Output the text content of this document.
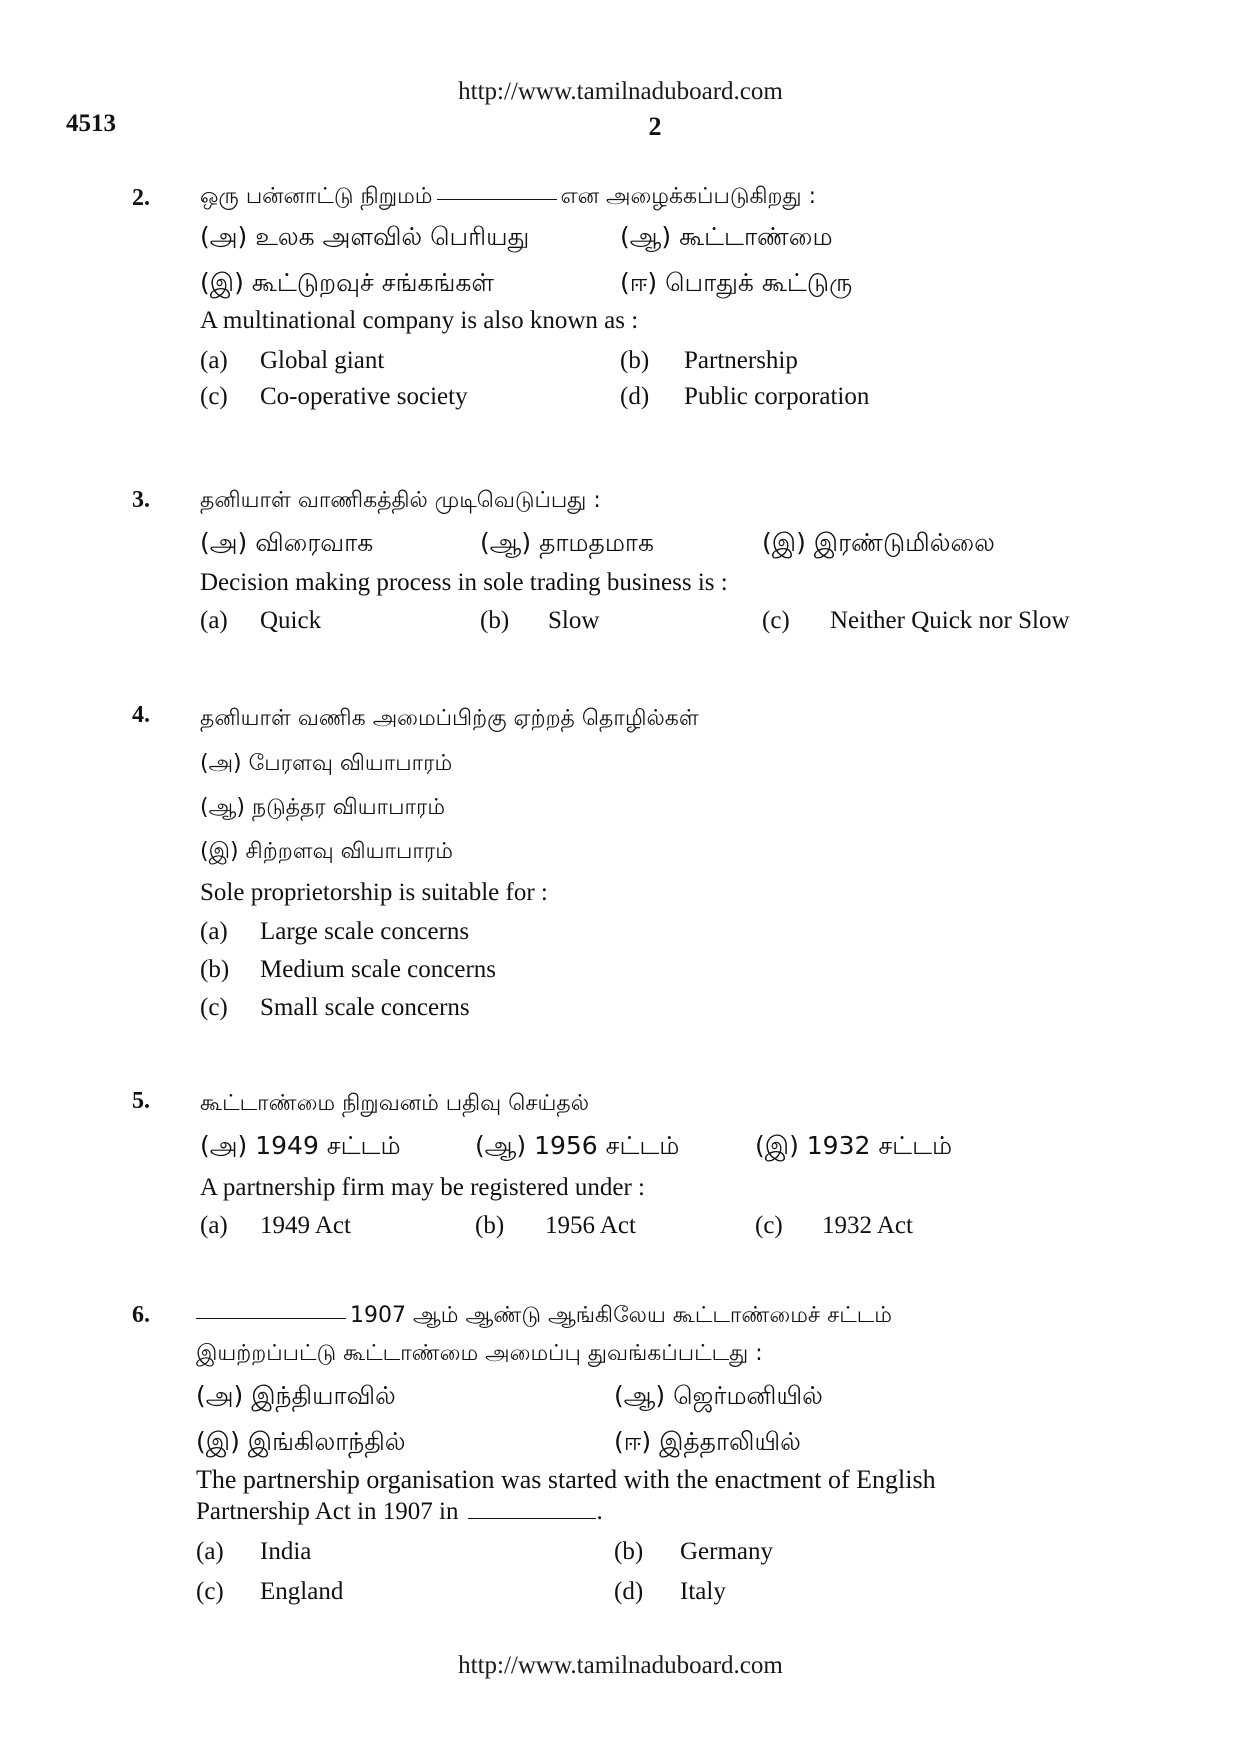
http://www.tamilnaduboard.com
4513	2
2. ஒரு பன்னாட்டு நிறுமம்	என அழைக்கப்படுகிறது :
(அ) உலக அளவில் பெரியது	(ஆ) கூட்டாண்மை
(இ) கூட்டுறவுச் சங்கங்கள்	(ஈ) பொதுக் கூட்டுரு
A multinational company is also known as :
(a) Global giant	(b) Partnership
(c) Co-operative society	(d) Public corporation
3. தனியாள் வாணிகத்தில் முடிவெடுப்பது :
(அ) விரைவாக	(ஆ) தாமதமாக	(இ) இரண்டுமில்லை
Decision making process in sole trading business is :
(a) Quick	(b) Slow	(c) Neither Quick nor Slow
4. தனியாள் வணிக அமைப்பிற்கு ஏற்றத் தொழில்கள்
(அ) பேரளவு வியாபாரம்
(ஆ) நடுத்தர வியாபாரம்
(இ) சிற்றளவு வியாபாரம்
Sole proprietorship is suitable for :
(a) Large scale concerns
(b) Medium scale concerns
(c) Small scale concerns
5. கூட்டாண்மை நிறுவனம் பதிவு செய்தல்
(அ) 1949 சட்டம்	(ஆ) 1956 சட்டம்	(இ) 1932 சட்டம்
A partnership firm may be registered under :
(a) 1949 Act	(b) 1956 Act	(c) 1932 Act
6.	1907 ஆம் ஆண்டு ஆங்கிலேய கூட்டாண்மைச் சட்டம்
இயற்றப்பட்டு கூட்டாண்மை அமைப்பு துவங்கப்பட்டது :
(அ) இந்தியாவில்	(ஆ) ஜெர்மனியில்
(இ) இங்கிலாந்தில்	(ஈ) இத்தாலியில்
The partnership organisation was started with the enactment of English
Partnership Act in 1907 in	.
(a) India	(b) Germany
(c) England	(d) Italy
http://www.tamilnaduboard.com
